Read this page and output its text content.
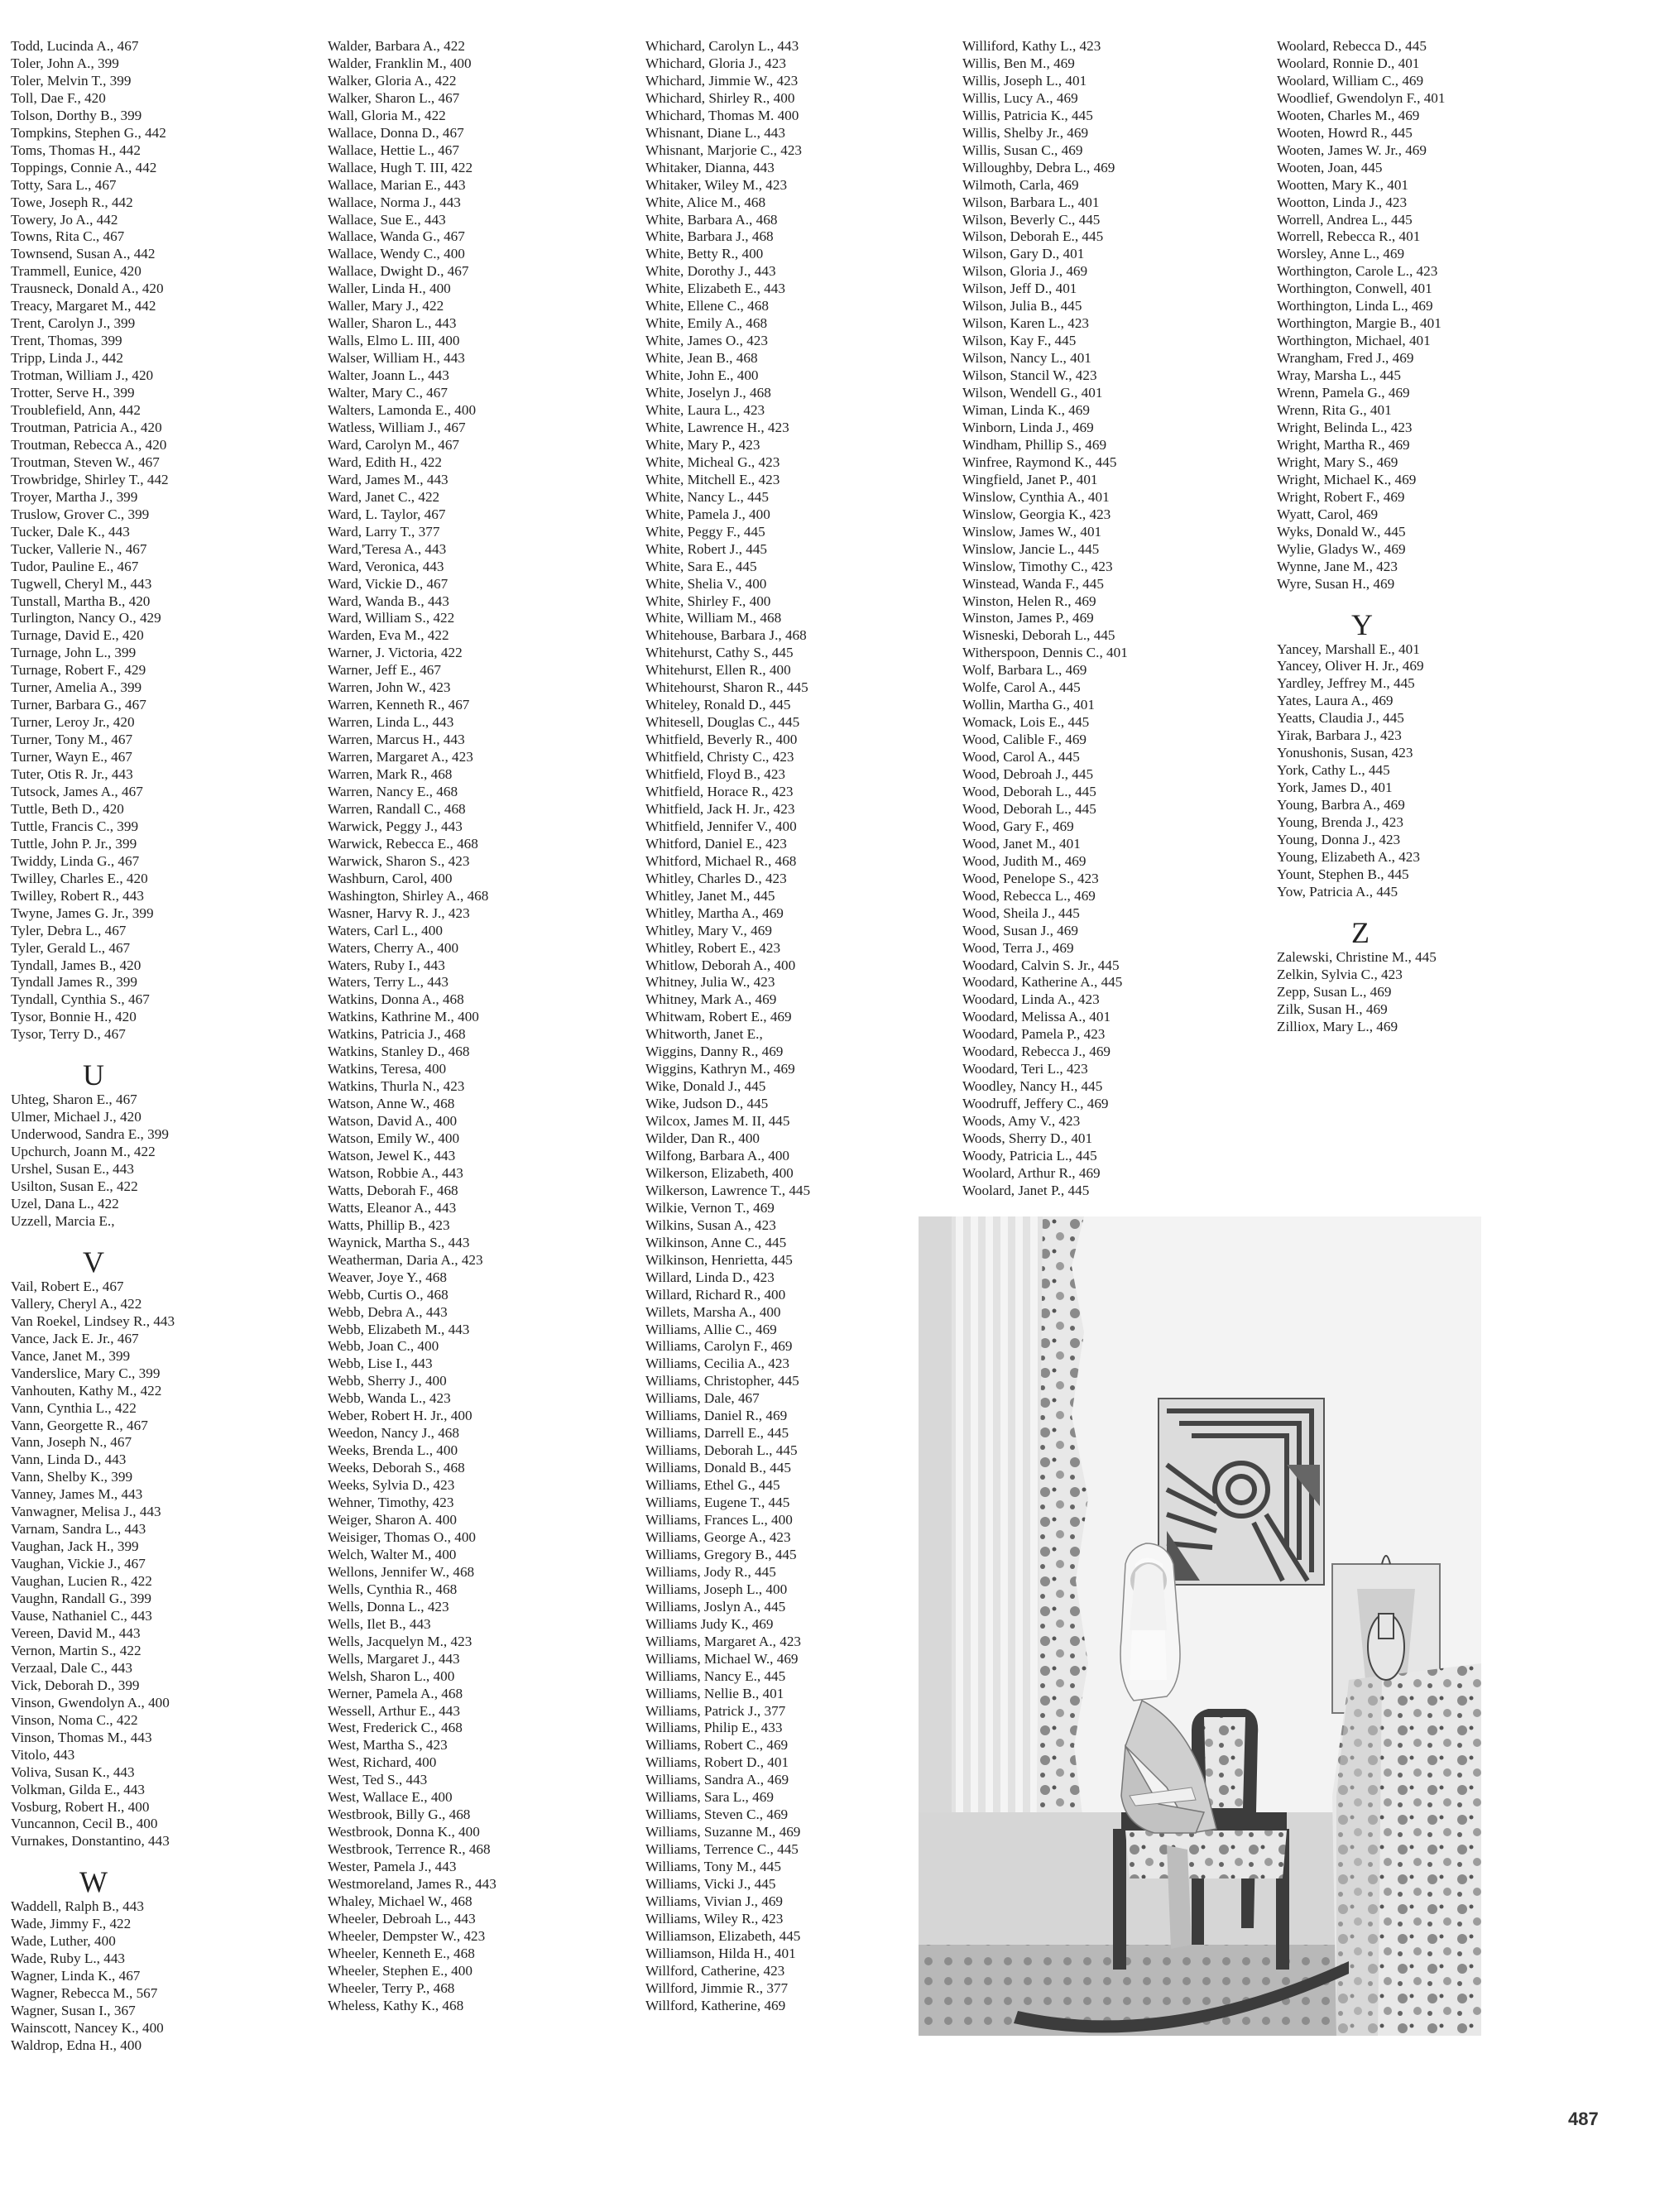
Todd, Lucinda A., 467
Toler, John A., 399
Toler, Melvin T., 399
Toll, Dae F., 420
Tolson, Dorthy B., 399
Tompkins, Stephen G., 442
Toms, Thomas H., 442
Toppings, Connie A., 442
Totty, Sara L., 467
Towe, Joseph R., 442
Towery, Jo A., 442
Towns, Rita C., 467
Townsend, Susan A., 442
Trammell, Eunice, 420
Trausneck, Donald A., 420
Treacy, Margaret M., 442
Trent, Carolyn J., 399
Trent, Thomas, 399
Tripp, Linda J., 442
Trotman, William J., 420
Trotter, Serve H., 399
Troublefield, Ann, 442
Troutman, Patricia A., 420
Troutman, Rebecca A., 420
Troutman, Steven W., 467
Trowbridge, Shirley T., 442
Troyer, Martha J., 399
Truslow, Grover C., 399
Tucker, Dale K., 443
Tucker, Vallerie N., 467
Tudor, Pauline E., 467
Tugwell, Cheryl M., 443
Tunstall, Martha B., 420
Turlington, Nancy O., 429
Turnage, David E., 420
Turnage, John L., 399
Turnage, Robert F., 429
Turner, Amelia A., 399
Turner, Barbara G., 467
Turner, Leroy Jr., 420
Turner, Tony M., 467
Turner, Wayn E., 467
Tuter, Otis R. Jr., 443
Tutsock, James A., 467
Tuttle, Beth D., 420
Tuttle, Francis C., 399
Tuttle, John P. Jr., 399
Twiddy, Linda G., 467
Twilley, Charles E., 420
Twilley, Robert R., 443
Twyne, James G. Jr., 399
Tyler, Debra L., 467
Tyler, Gerald L., 467
Tyndall, James B., 420
Tyndall James R., 399
Tyndall, Cynthia S., 467
Tysor, Bonnie H., 420
Tysor, Terry D., 467
U
Uhteg, Sharon E., 467
Ulmer, Michael J., 420
Underwood, Sandra E., 399
Upchurch, Joann M., 422
Urshel, Susan E., 443
Usilton, Susan E., 422
Uzel, Dana L., 422
Uzzell, Marcia E.,
V
Vail, Robert E., 467
Vallery, Cheryl A., 422
Van Roekel, Lindsey R., 443
Vance, Jack E. Jr., 467
Vance, Janet M., 399
Vanderslice, Mary C., 399
Vanhouten, Kathy M., 422
Vann, Cynthia L., 422
Vann, Georgette R., 467
Vann, Joseph N., 467
Vann, Linda D., 443
Vann, Shelby K., 399
Vanney, James M., 443
Vanwagner, Melisa J., 443
Varnam, Sandra L., 443
Vaughan, Jack H., 399
Vaughan, Vickie J., 467
Vaughan, Lucien R., 422
Vaughn, Randall G., 399
Vause, Nathaniel C., 443
Vereen, David M., 443
Vernon, Martin S., 422
Verzaal, Dale C., 443
Vick, Deborah D., 399
Vinson, Gwendolyn A., 400
Vinson, Noma C., 422
Vinson, Thomas M., 443
Vitolo, 443
Voliva, Susan K., 443
Volkman, Gilda E., 443
Vosburg, Robert H., 400
Vuncannon, Cecil B., 400
Vurnakes, Donstantino, 443
W
Waddell, Ralph B., 443
Wade, Jimmy F., 422
Wade, Luther, 400
Wade, Ruby L., 443
Wagner, Linda K., 467
Wagner, Rebecca M., 567
Wagner, Susan I., 367
Wainscott, Nancey K., 400
Waldrop, Edna H., 400
Walder, Barbara A., 422
Walder, Franklin M., 400
Walker, Gloria A., 422
Walker, Sharon L., 467
Wall, Gloria M., 422
Wallace, Donna D., 467
Wallace, Hettie L., 467
Wallace, Hugh T. III, 422
Wallace, Marian E., 443
Wallace, Norma J., 443
Wallace, Sue E., 443
Wallace, Wanda G., 467
Wallace, Wendy C., 400
Wallace, Dwight D., 467
Waller, Linda H., 400
Waller, Mary J., 422
Waller, Sharon L., 443
Walls, Elmo L. III, 400
Walser, William H., 443
Walter, Joann L., 443
Walter, Mary C., 467
Walters, Lamonda E., 400
Watless, William J., 467
Ward, Carolyn M., 467
Ward, Edith H., 422
Ward, James M., 443
Ward, Janet C., 422
Ward, L. Taylor, 467
Ward, Larry T., 377
Ward,'Teresa A., 443
Ward, Veronica, 443
Ward, Vickie D., 467
Ward, Wanda B., 443
Ward, William S., 422
Warden, Eva M., 422
Warner, J. Victoria, 422
Warner, Jeff E., 467
Warren, John W., 423
Warren, Kenneth R., 467
Warren, Linda L., 443
Warren, Marcus H., 443
Warren, Margaret A., 423
Warren, Mark R., 468
Warren, Nancy E., 468
Warren, Randall C., 468
Warwick, Peggy J., 443
Warwick, Rebecca E., 468
Warwick, Sharon S., 423
Washburn, Carol, 400
Washington, Shirley A., 468
Wasner, Harvy R. J., 423
Waters, Carl L., 400
Waters, Cherry A., 400
Waters, Ruby I., 443
Waters, Terry L., 443
Watkins, Donna A., 468
Watkins, Kathrine M., 400
Watkins, Patricia J., 468
Watkins, Stanley D., 468
Watkins, Teresa, 400
Watkins, Thurla N., 423
Watson, Anne W., 468
Watson, David A., 400
Watson, Emily W., 400
Watson, Jewel K., 443
Watson, Robbie A., 443
Watts, Deborah F., 468
Watts, Eleanor A., 443
Watts, Phillip B., 423
Waynick, Martha S., 443
Weatherman, Daria A., 423
Weaver, Joye Y., 468
Webb, Curtis O., 468
Webb, Debra A., 443
Webb, Elizabeth M., 443
Webb, Joan C., 400
Webb, Lise I., 443
Webb, Sherry J., 400
Webb, Wanda L., 423
Weber, Robert H. Jr., 400
Weedon, Nancy J., 468
Weeks, Brenda L., 400
Weeks, Deborah S., 468
Weeks, Sylvia D., 423
Wehner, Timothy, 423
Weiger, Sharon A. 400
Weisiger, Thomas O., 400
Welch, Walter M., 400
Wellons, Jennifer W., 468
Wells, Cynthia R., 468
Wells, Donna L., 423
Wells, Ilet B., 443
Wells, Jacquelyn M., 423
Wells, Margaret J., 443
Welsh, Sharon L., 400
Werner, Pamela A., 468
Wessell, Arthur E., 443
West, Frederick C., 468
West, Martha S., 423
West, Richard, 400
West, Ted S., 443
West, Wallace E., 400
Westbrook, Billy G., 468
Westbrook, Donna K., 400
Westbrook, Terrence R., 468
Wester, Pamela J., 443
Westmoreland, James R., 443
Whaley, Michael W., 468
Wheeler, Debroah L., 443
Wheeler, Dempster W., 423
Wheeler, Kenneth E., 468
Wheeler, Stephen E., 400
Wheeler, Terry P., 468
Wheless, Kathy K., 468
Whichard, Carolyn L., 443
Whichard, Gloria J., 423
Whichard, Jimmie W., 423
Whichard, Shirley R., 400
Whichard, Thomas M. 400
Whisnant, Diane L., 443
Whisnant, Marjorie C., 423
Whitaker, Dianna, 443
Whitaker, Wiley M., 423
White, Alice M., 468
White, Barbara A., 468
White, Barbara J., 468
White, Betty R., 400
White, Dorothy J., 443
White, Elizabeth E., 443
White, Ellene C., 468
White, Emily A., 468
White, James O., 423
White, Jean B., 468
White, John E., 400
White, Joselyn J., 468
White, Laura L., 423
White, Lawrence H., 423
White, Mary P., 423
White, Micheal G., 423
White, Mitchell E., 423
White, Nancy L., 445
White, Pamela J., 400
White, Peggy F., 445
White, Robert J., 445
White, Sara E., 445
White, Shelia V., 400
White, Shirley F., 400
White, William M., 468
Whitehouse, Barbara J., 468
Whitehurst, Cathy S., 445
Whitehurst, Ellen R., 400
Whitehourst, Sharon R., 445
Whiteley, Ronald D., 445
Whitesell, Douglas C., 445
Whitfield, Beverly R., 400
Whitfield, Christy C., 423
Whitfield, Floyd B., 423
Whitfield, Horace R., 423
Whitfield, Jack H. Jr., 423
Whitfield, Jennifer V., 400
Whitford, Daniel E., 423
Whitford, Michael R., 468
Whitley, Charles D., 423
Whitley, Janet M., 445
Whitley, Martha A., 469
Whitley, Mary V., 469
Whitley, Robert E., 423
Whitlow, Deborah A., 400
Whitney, Julia W., 423
Whitney, Mark A., 469
Whitwam, Robert E., 469
Whitworth, Janet E.,
Wiggins, Danny R., 469
Wiggins, Kathryn M., 469
Wike, Donald J., 445
Wike, Judson D., 445
Wilcox, James M. II, 445
Wilder, Dan R., 400
Wilfong, Barbara A., 400
Wilkerson, Elizabeth, 400
Wilkerson, Lawrence T., 445
Wilkie, Vernon T., 469
Wilkins, Susan A., 423
Wilkinson, Anne C., 445
Wilkinson, Henrietta, 445
Willard, Linda D., 423
Willard, Richard R., 400
Willets, Marsha A., 400
Williams, Allie C., 469
Williams, Carolyn F., 469
Williams, Cecilia A., 423
Williams, Christopher, 445
Williams, Dale, 467
Williams, Daniel R., 469
Williams, Darrell E., 445
Williams, Deborah L., 445
Williams, Donald B., 445
Williams, Ethel G., 445
Williams, Eugene T., 445
Williams, Frances L., 400
Williams, George A., 423
Williams, Gregory B., 445
Williams, Jody R., 445
Williams, Joseph L., 400
Williams, Joslyn A., 445
Williams Judy K., 469
Williams, Margaret A., 423
Williams, Michael W., 469
Williams, Nancy E., 445
Williams, Nellie B., 401
Williams, Patrick J., 377
Williams, Philip E., 433
Williams, Robert C., 469
Williams, Robert D., 401
Williams, Sandra A., 469
Williams, Sara L., 469
Williams, Steven C., 469
Williams, Suzanne M., 469
Williams, Terrence C., 445
Williams, Tony M., 445
Williams, Vicki J., 445
Williams, Vivian J., 469
Williams, Wiley R., 423
Williamson, Elizabeth, 445
Williamson, Hilda H., 401
Willford, Catherine, 423
Willford, Jimmie R., 377
Willford, Katherine, 469
Williford, Kathy L., 423
Willis, Ben M., 469
Willis, Joseph L., 401
Willis, Lucy A., 469
Willis, Patricia K., 445
Willis, Shelby Jr., 469
Willis, Susan C., 469
Willoughby, Debra L., 469
Wilmoth, Carla, 469
Wilson, Barbara L., 401
Wilson, Beverly C., 445
Wilson, Deborah E., 445
Wilson, Gary D., 401
Wilson, Gloria J., 469
Wilson, Jeff D., 401
Wilson, Julia B., 445
Wilson, Karen L., 423
Wilson, Kay F., 445
Wilson, Nancy L., 401
Wilson, Stancil W., 423
Wilson, Wendell G., 401
Wiman, Linda K., 469
Winborn, Linda J., 469
Windham, Phillip S., 469
Winfree, Raymond K., 445
Wingfield, Janet P., 401
Winslow, Cynthia A., 401
Winslow, Georgia K., 423
Winslow, James W., 401
Winslow, Jancie L., 445
Winslow, Timothy C., 423
Winstead, Wanda F., 445
Winston, Helen R., 469
Winston, James P., 469
Wisneski, Deborah L., 445
Witherspoon, Dennis C., 401
Wolf, Barbara L., 469
Wolfe, Carol A., 445
Wollin, Martha G., 401
Womack, Lois E., 445
Wood, Calible F., 469
Wood, Carol A., 445
Wood, Debroah J., 445
Wood, Deborah L., 445
Wood, Deborah L., 445
Wood, Gary F., 469
Wood, Janet M., 401
Wood, Judith M., 469
Wood, Penelope S., 423
Wood, Rebecca L., 469
Wood, Sheila J., 445
Wood, Susan J., 469
Wood, Terra J., 469
Woodard, Calvin S. Jr., 445
Woodard, Katherine A., 445
Woodard, Linda A., 423
Woodard, Melissa A., 401
Woodard, Pamela P., 423
Woodard, Rebecca J., 469
Woodard, Teri L., 423
Woodley, Nancy H., 445
Woodruff, Jeffery C., 469
Woods, Amy V., 423
Woods, Sherry D., 401
Woody, Patricia L., 445
Woolard, Arthur R., 469
Woolard, Janet P., 445
Woolard, Rebecca D., 445
Woolard, Ronnie D., 401
Woolard, William C., 469
Woodlief, Gwendolyn F., 401
Wooten, Charles M., 469
Wooten, Howrd R., 445
Wooten, James W. Jr., 469
Wooten, Joan, 445
Wootten, Mary K., 401
Wootton, Linda J., 423
Worrell, Andrea L., 445
Worrell, Rebecca R., 401
Worsley, Anne L., 469
Worthington, Carole L., 423
Worthington, Conwell, 401
Worthington, Linda L., 469
Worthington, Margie B., 401
Worthington, Michael, 401
Wrangham, Fred J., 469
Wray, Marsha L., 445
Wrenn, Pamela G., 469
Wrenn, Rita G., 401
Wright, Belinda L., 423
Wright, Martha R., 469
Wright, Mary S., 469
Wright, Michael K., 469
Wright, Robert F., 469
Wyatt, Carol, 469
Wyks, Donald W., 445
Wylie, Gladys W., 469
Wynne, Jane M., 423
Wyre, Susan H., 469
Y
Yancey, Marshall E., 401
Yancey, Oliver H. Jr., 469
Yardley, Jeffrey M., 445
Yates, Laura A., 469
Yeatts, Claudia J., 445
Yirak, Barbara J., 423
Yonushonis, Susan, 423
York, Cathy L., 445
York, James D., 401
Young, Barbra A., 469
Young, Brenda J., 423
Young, Donna J., 423
Young, Elizabeth A., 423
Yount, Stephen B., 445
Yow, Patricia A., 445
Z
Zalewski, Christine M., 445
Zelkin, Sylvia C., 423
Zepp, Susan L., 469
Zilk, Susan H., 469
Zilliox, Mary L., 469
487
